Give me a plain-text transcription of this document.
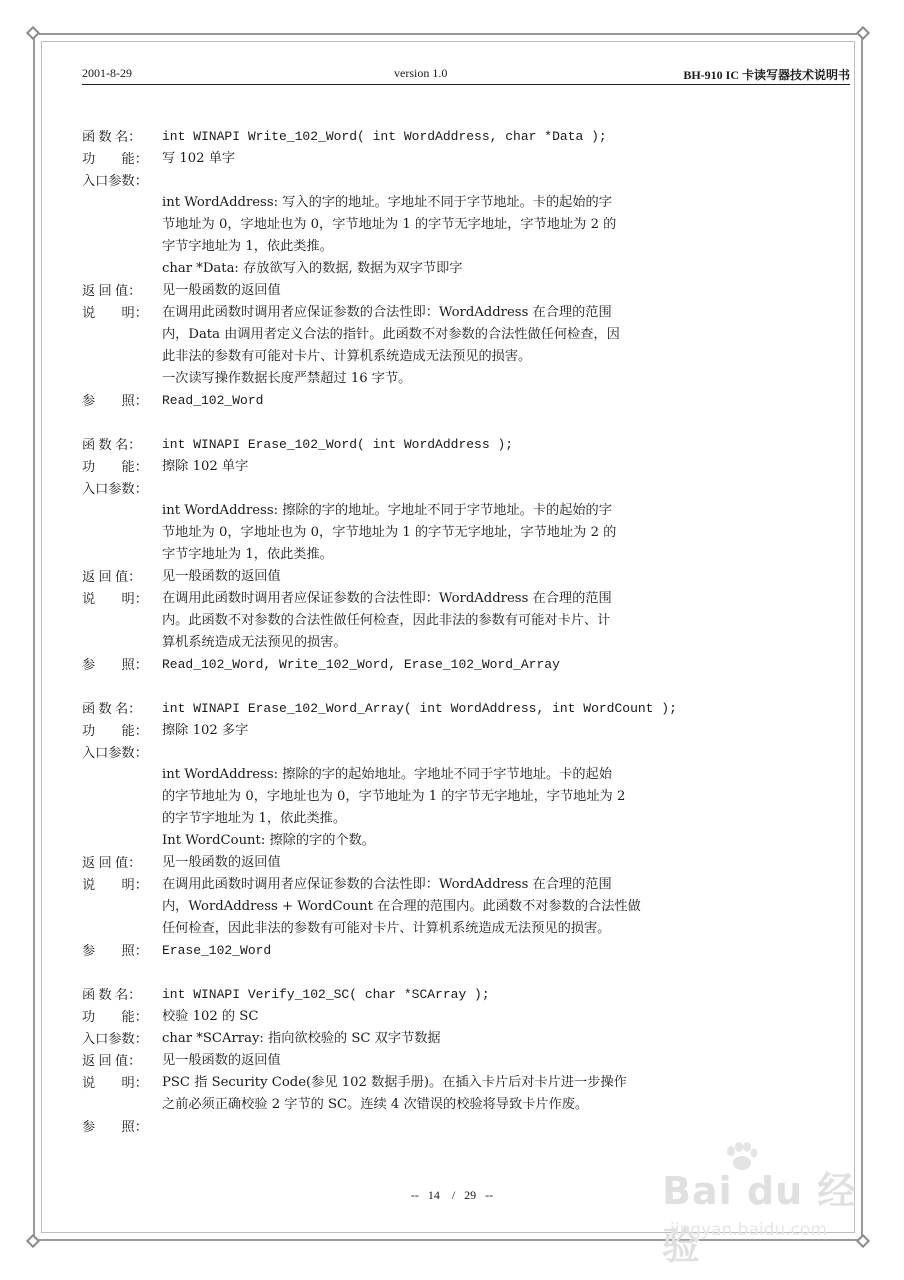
2001-8-29	version 1.0	BH-910 IC 卡读写器技术说明书
函 数 名：	int WINAPI Write_102_Word( int WordAddress, char *Data );
功　　能：	写 102 单字
入口参数：
int WordAddress: 写入的字的地址。字地址不同于字节地址。卡的起始的字
节地址为 0，字地址也为 0，字节地址为 1 的字节无字地址，字节地址为 2 的
字节字地址为 1，依此类推。
char *Data: 存放欲写入的数据, 数据为双字节即字
返 回 值：	见一般函数的返回值
说　　明：	在调用此函数时调用者应保证参数的合法性即：WordAddress 在合理的范围
内，Data 由调用者定义合法的指针。此函数不对参数的合法性做任何检查，因
此非法的参数有可能对卡片、计算机系统造成无法预见的损害。
一次读写操作数据长度严禁超过 16 字节。
参　　照：	Read_102_Word
函 数 名：	int WINAPI Erase_102_Word( int WordAddress );
功　　能：	擦除 102 单字
入口参数：
int WordAddress: 擦除的字的地址。字地址不同于字节地址。卡的起始的字
节地址为 0，字地址也为 0，字节地址为 1 的字节无字地址，字节地址为 2 的
字节字地址为 1，依此类推。
返 回 值：	见一般函数的返回值
说　　明：	在调用此函数时调用者应保证参数的合法性即：WordAddress 在合理的范围
内。此函数不对参数的合法性做任何检查，因此非法的参数有可能对卡片、计
算机系统造成无法预见的损害。
参　　照：	Read_102_Word, Write_102_Word, Erase_102_Word_Array
函 数 名：	int WINAPI Erase_102_Word_Array( int WordAddress, int WordCount );
功　　能：	擦除 102 多字
入口参数：
int WordAddress: 擦除的字的起始地址。字地址不同于字节地址。卡的起始
的字节地址为 0，字地址也为 0，字节地址为 1 的字节无字地址，字节地址为 2
的字节字地址为 1，依此类推。
Int WordCount: 擦除的字的个数。
返 回 值：	见一般函数的返回值
说　　明：	在调用此函数时调用者应保证参数的合法性即：WordAddress 在合理的范围
内，WordAddress + WordCount 在合理的范围内。此函数不对参数的合法性做
任何检查，因此非法的参数有可能对卡片、计算机系统造成无法预见的损害。
参　　照：	Erase_102_Word
函 数 名：	int WINAPI Verify_102_SC( char *SCArray );
功　　能：	校验 102 的 SC
入口参数：	char *SCArray: 指向欲校验的 SC 双字节数据
返 回 值：	见一般函数的返回值
说　　明：	PSC 指 Security Code(参见 102 数据手册)。在插入卡片后对卡片进一步操作
之前必须正确校验 2 字节的 SC。连续 4 次错误的校验将导致卡片作废。
参　　照：
--   14    /   29   --	Bai du 经验
jingyan.baidu.com
